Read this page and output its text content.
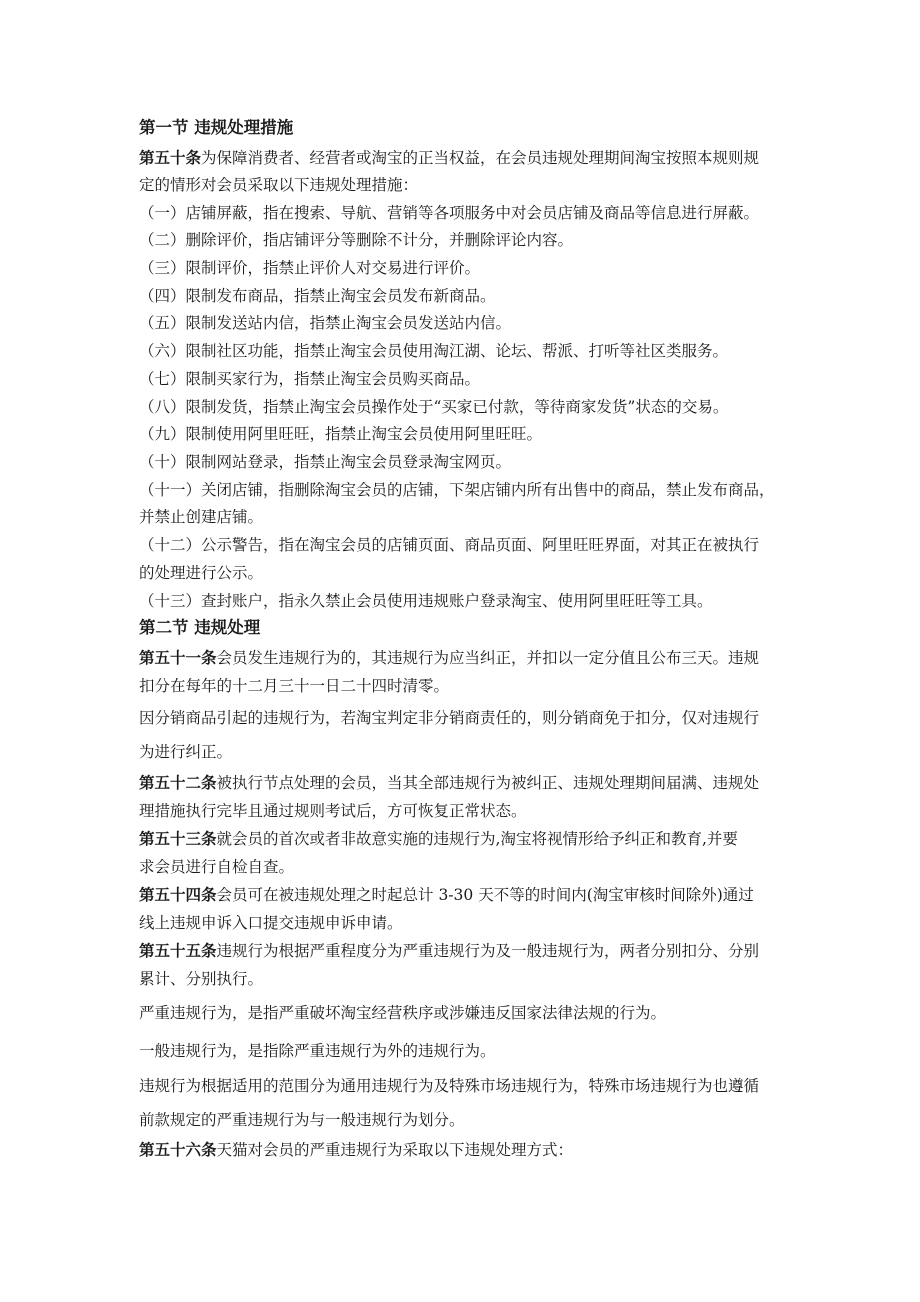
第一节 违规处理措施
第五十条为保障消费者、经营者或淘宝的正当权益，在会员违规处理期间淘宝按照本规则规
定的情形对会员采取以下违规处理措施：
（一）店铺屏蔽，指在搜索、导航、营销等各项服务中对会员店铺及商品等信息进行屏蔽。
（二）删除评价，指店铺评分等删除不计分，并删除评论内容。
（三）限制评价，指禁止评价人对交易进行评价。
（四）限制发布商品，指禁止淘宝会员发布新商品。
（五）限制发送站内信，指禁止淘宝会员发送站内信。
（六）限制社区功能，指禁止淘宝会员使用淘江湖、论坛、帮派、打听等社区类服务。
（七）限制买家行为，指禁止淘宝会员购买商品。
（八）限制发货，指禁止淘宝会员操作处于“买家已付款，等待商家发货”状态的交易。
（九）限制使用阿里旺旺，指禁止淘宝会员使用阿里旺旺。
（十）限制网站登录，指禁止淘宝会员登录淘宝网页。
（十一）关闭店铺，指删除淘宝会员的店铺，下架店铺内所有出售中的商品，禁止发布商品，
并禁止创建店铺。
（十二）公示警告，指在淘宝会员的店铺页面、商品页面、阿里旺旺界面，对其正在被执行
的处理进行公示。
（十三）查封账户，指永久禁止会员使用违规账户登录淘宝、使用阿里旺旺等工具。
第二节 违规处理
第五十一条会员发生违规行为的，其违规行为应当纠正，并扣以一定分值且公布三天。违规
扣分在每年的十二月三十一日二十四时清零。
因分销商品引起的违规行为，若淘宝判定非分销商责任的，则分销商免于扣分，仅对违规行
为进行纠正。
第五十二条被执行节点处理的会员，当其全部违规行为被纠正、违规处理期间届满、违规处
理措施执行完毕且通过规则考试后，方可恢复正常状态。
第五十三条就会员的首次或者非故意实施的违规行为,淘宝将视情形给予纠正和教育,并要
求会员进行自检自查。
第五十四条会员可在被违规处理之时起总计 3-30 天不等的时间内(淘宝审核时间除外)通过
线上违规申诉入口提交违规申诉申请。
第五十五条违规行为根据严重程度分为严重违规行为及一般违规行为，两者分别扣分、分别
累计、分别执行。
严重违规行为，是指严重破坏淘宝经营秩序或涉嫌违反国家法律法规的行为。
一般违规行为，是指除严重违规行为外的违规行为。
违规行为根据适用的范围分为通用违规行为及特殊市场违规行为，特殊市场违规行为也遵循
前款规定的严重违规行为与一般违规行为划分。
第五十六条天猫对会员的严重违规行为采取以下违规处理方式：
